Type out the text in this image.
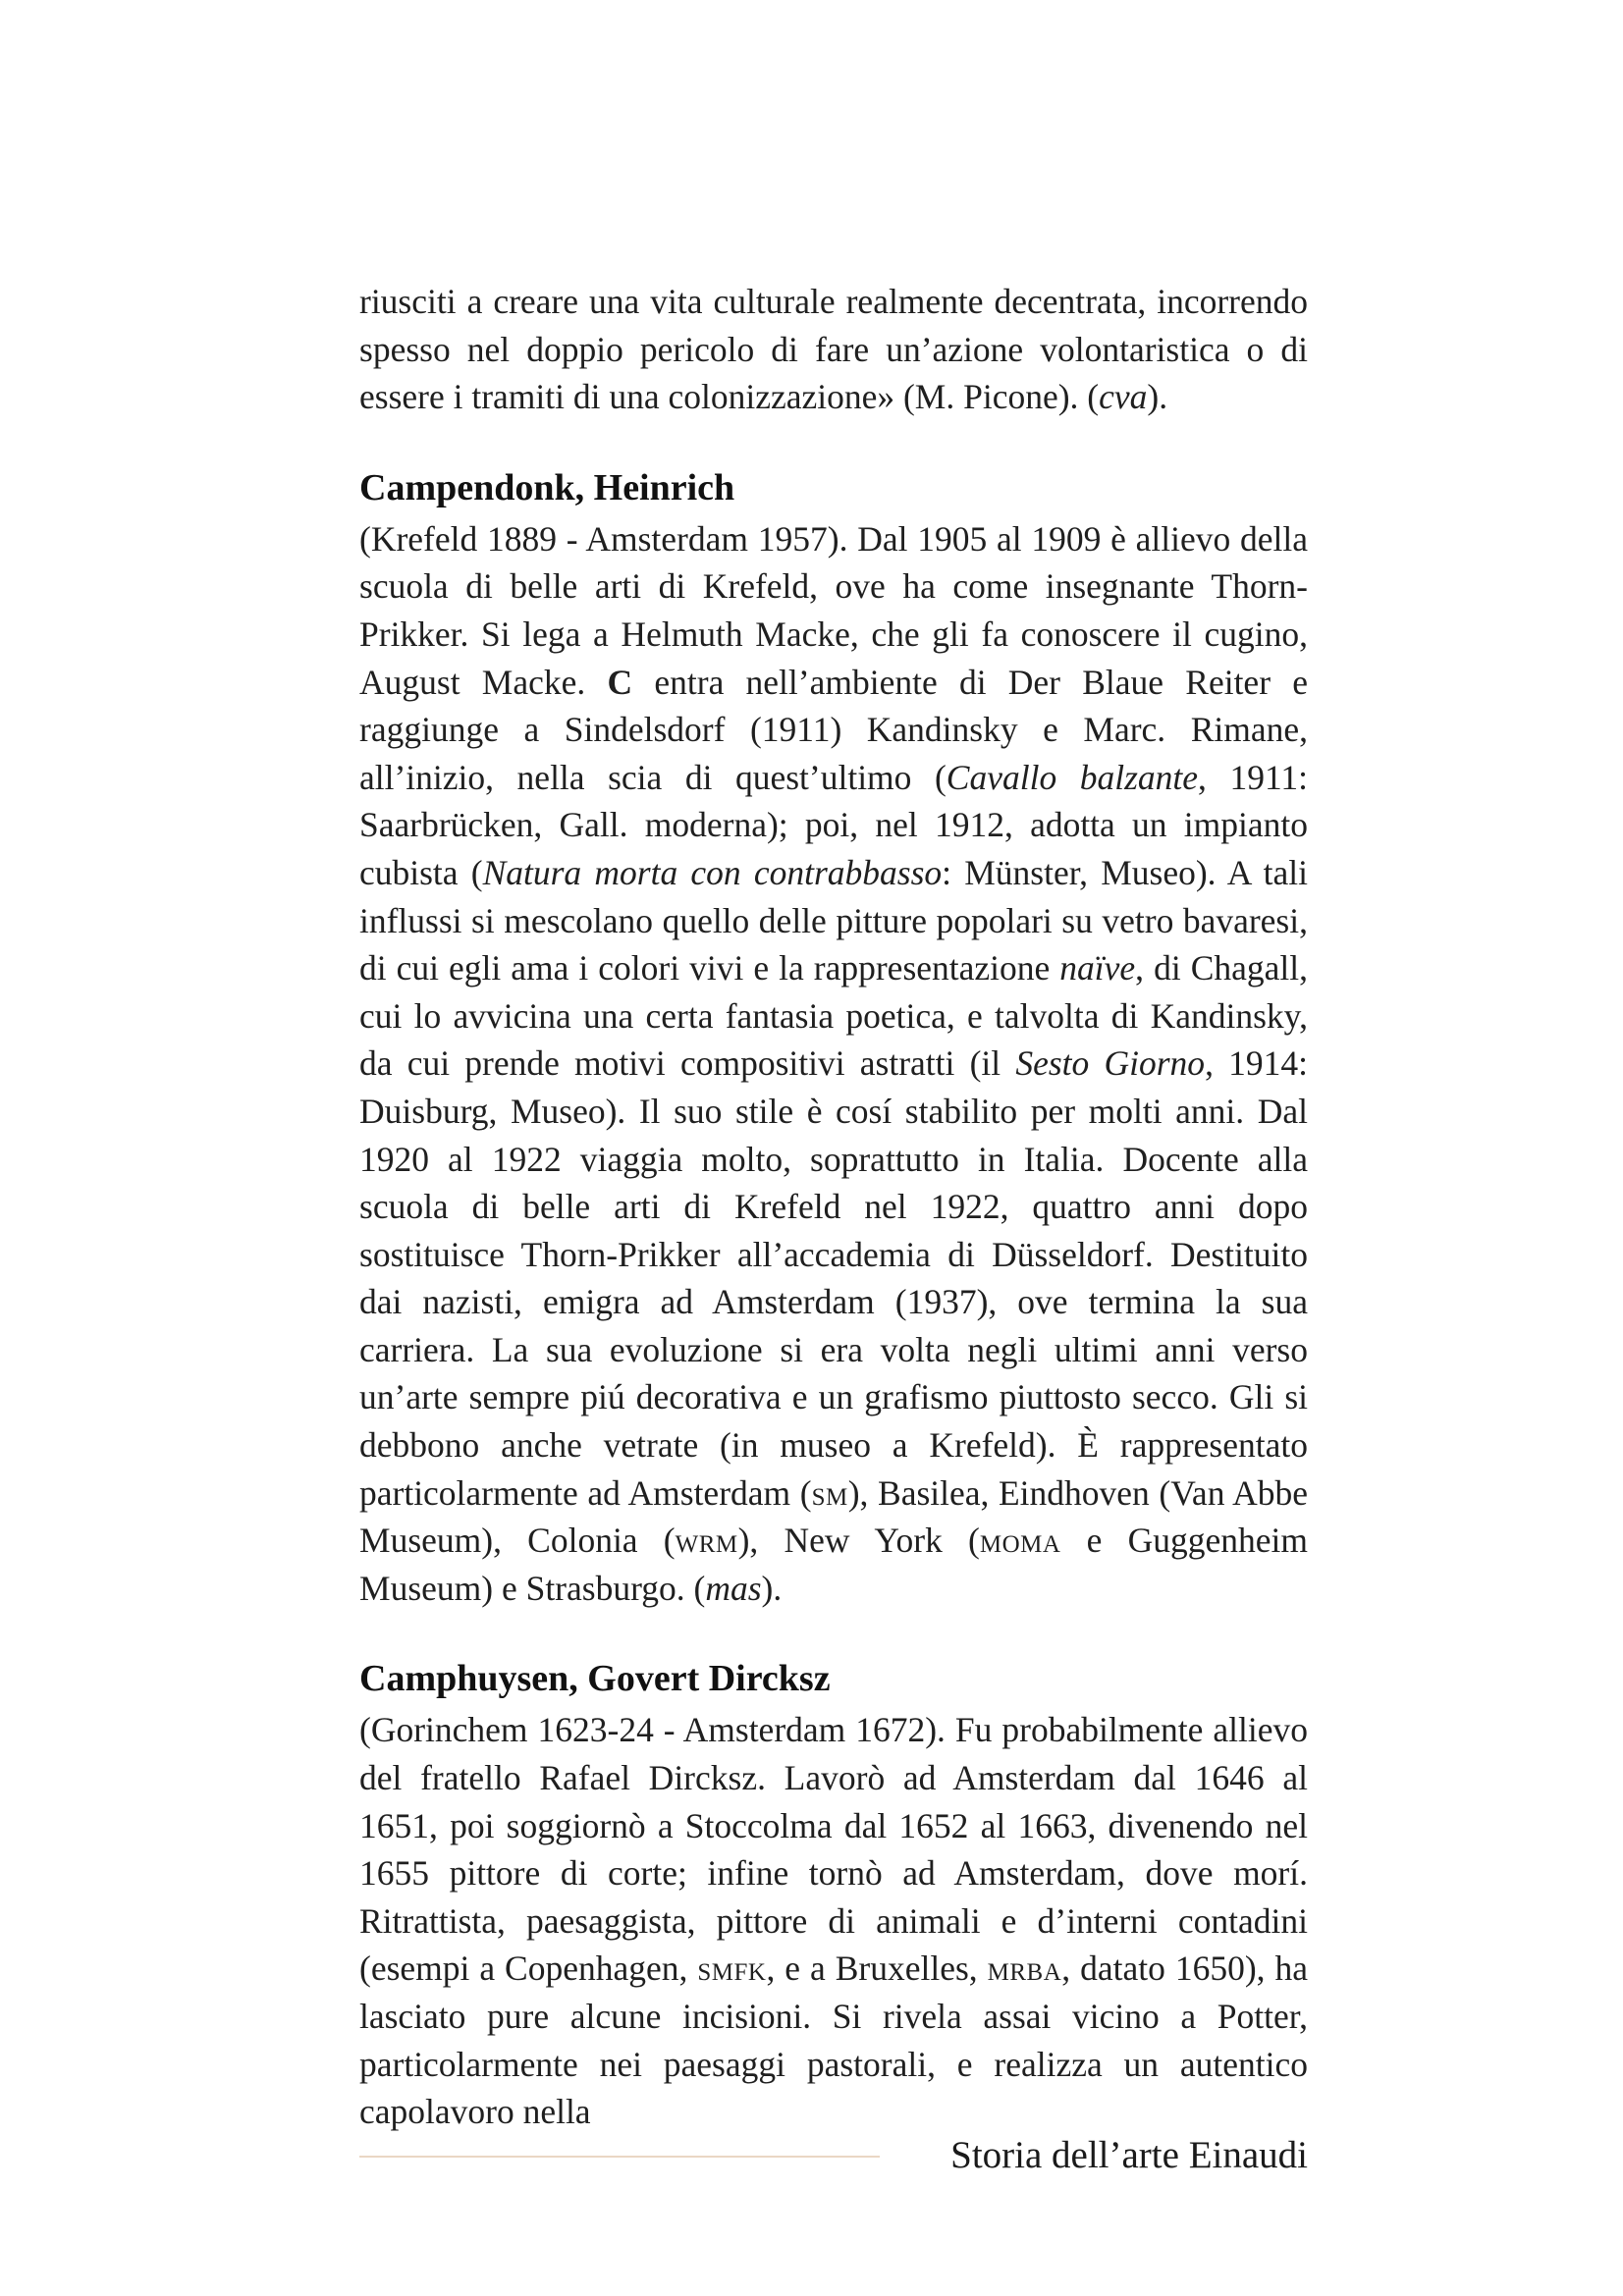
riusciti a creare una vita culturale realmente decentrata, incorrendo spesso nel doppio pericolo di fare un’azione volontaristica o di essere i tramiti di una colonizzazione» (M. Picone). (cva).

Campendonk, Heinrich

(Krefeld 1889 - Amsterdam 1957). Dal 1905 al 1909 è allievo della scuola di belle arti di Krefeld, ove ha come insegnante Thorn-Prikker. Si lega a Helmuth Macke, che gli fa conoscere il cugino, August Macke. C entra nell’ambiente di Der Blaue Reiter e raggiunge a Sindelsdorf (1911) Kandinsky e Marc. Rimane, all’inizio, nella scia di quest’ultimo (Cavallo balzante, 1911: Saarbrücken, Gall. moderna); poi, nel 1912, adotta un impianto cubista (Natura morta con contrabbasso: Münster, Museo). A tali influssi si mescolano quello delle pitture popolari su vetro bavaresi, di cui egli ama i colori vivi e la rappresentazione naïve, di Chagall, cui lo avvicina una certa fantasia poetica, e talvolta di Kandinsky, da cui prende motivi compositivi astratti (il Sesto Giorno, 1914: Duisburg, Museo). Il suo stile è cosí stabilito per molti anni. Dal 1920 al 1922 viaggia molto, soprattutto in Italia. Docente alla scuola di belle arti di Krefeld nel 1922, quattro anni dopo sostituisce Thorn-Prikker all’accademia di Düsseldorf. Destituito dai nazisti, emigra ad Amsterdam (1937), ove termina la sua carriera. La sua evoluzione si era volta negli ultimi anni verso un’arte sempre piú decorativa e un grafismo piuttosto secco. Gli si debbono anche vetrate (in museo a Krefeld). È rappresentato particolarmente ad Amsterdam (sm), Basilea, Eindhoven (Van Abbe Museum), Colonia (wrm), New York (moma e Guggenheim Museum) e Strasburgo. (mas).

Camphuysen, Govert Dircksz

(Gorinchem 1623-24 - Amsterdam 1672). Fu probabilmente allievo del fratello Rafael Dircksz. Lavorò ad Amsterdam dal 1646 al 1651, poi soggiornò a Stoccolma dal 1652 al 1663, divenendo nel 1655 pittore di corte; infine tornò ad Amsterdam, dove morí. Ritrattista, paesaggista, pittore di animali e d’interni contadini (esempi a Copenhagen, smfk, e a Bruxelles, mrba, datato 1650), ha lasciato pure alcune incisioni. Si rivela assai vicino a Potter, particolarmente nei paesaggi pastorali, e realizza un autentico capolavoro nella

Storia dell’arte Einaudi
